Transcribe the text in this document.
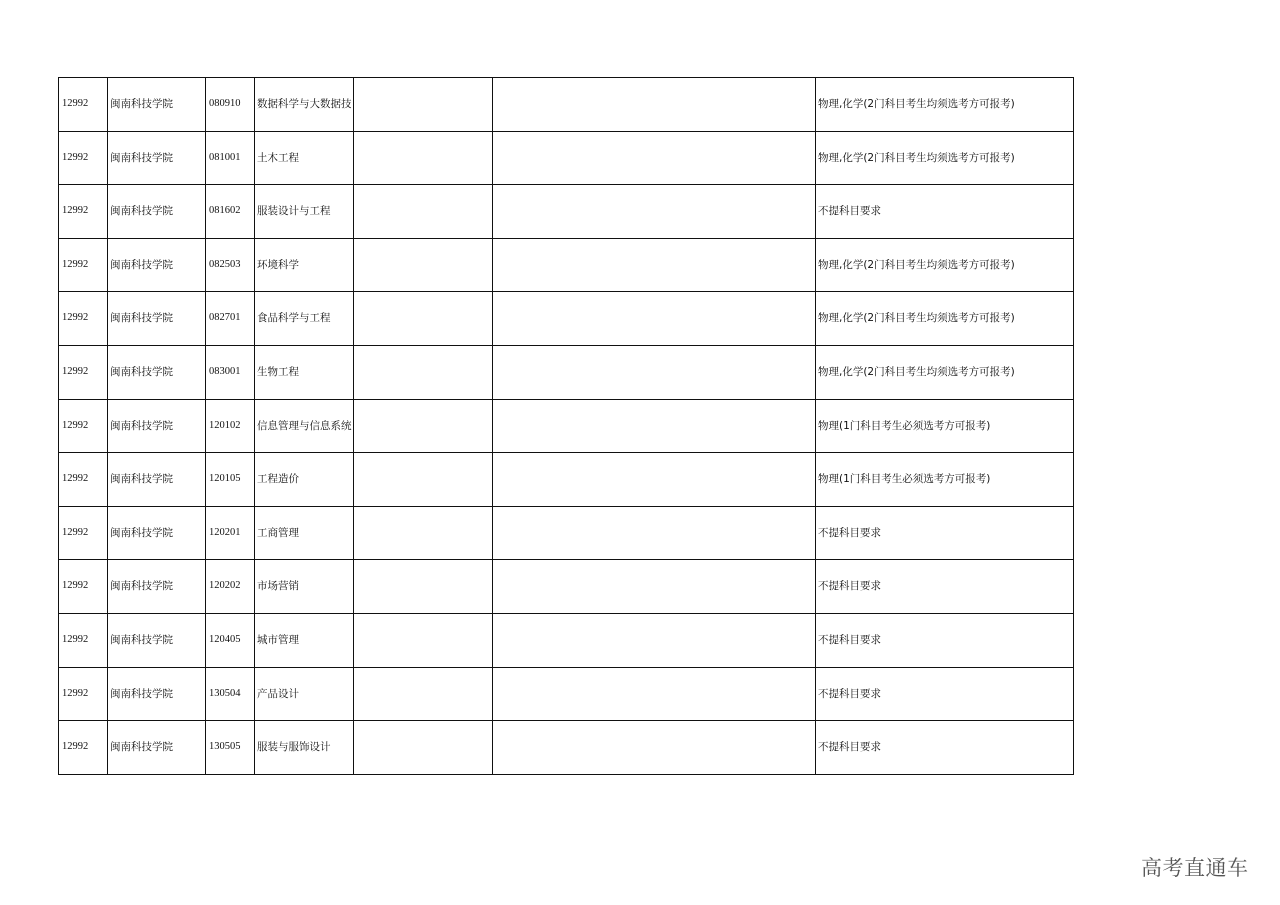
12992	闽南科技学院	080910	数据科学与大数据技			物理,化学(2门科目考生均须选考方可报考)
12992	闽南科技学院	081001	土木工程			物理,化学(2门科目考生均须选考方可报考)
12992	闽南科技学院	081602	服装设计与工程			不提科目要求
12992	闽南科技学院	082503	环境科学			物理,化学(2门科目考生均须选考方可报考)
12992	闽南科技学院	082701	食品科学与工程			物理,化学(2门科目考生均须选考方可报考)
12992	闽南科技学院	083001	生物工程			物理,化学(2门科目考生均须选考方可报考)
12992	闽南科技学院	120102	信息管理与信息系统			物理(1门科目考生必须选考方可报考)
12992	闽南科技学院	120105	工程造价			物理(1门科目考生必须选考方可报考)
12992	闽南科技学院	120201	工商管理			不提科目要求
12992	闽南科技学院	120202	市场营销			不提科目要求
12992	闽南科技学院	120405	城市管理			不提科目要求
12992	闽南科技学院	130504	产品设计			不提科目要求
12992	闽南科技学院	130505	服装与服饰设计			不提科目要求
高考直通车
